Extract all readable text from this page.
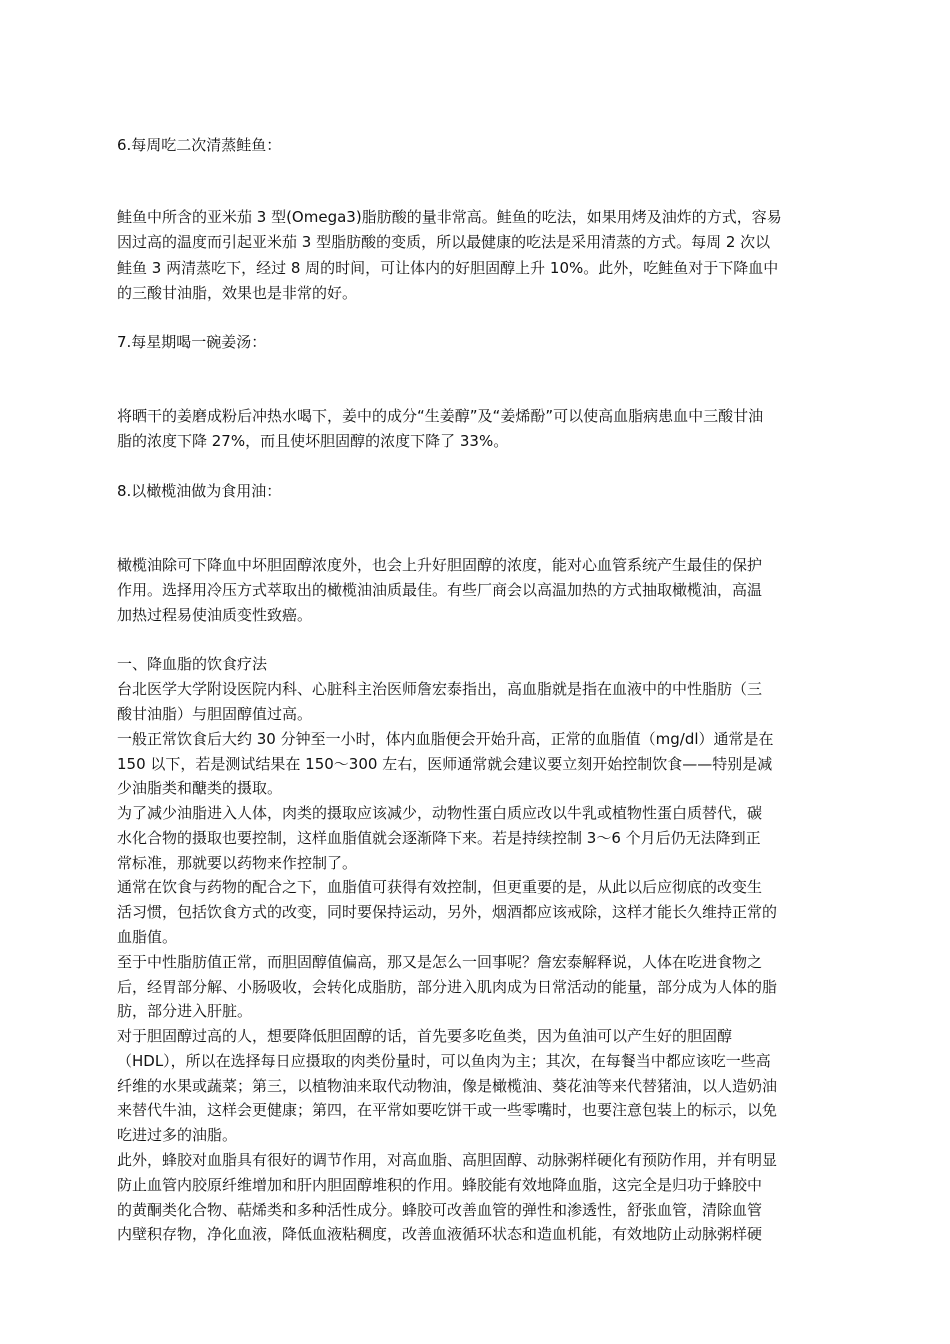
6.每周吃二次清蒸鲑鱼：
鲑鱼中所含的亚米茄 3 型(Omega3)脂肪酸的量非常高。鲑鱼的吃法，如果用烤及油炸的方式，容易
因过高的温度而引起亚米茄 3 型脂肪酸的变质，所以最健康的吃法是采用清蒸的方式。每周 2 次以
鲑鱼 3 两清蒸吃下，经过 8 周的时间，可让体内的好胆固醇上升 10%。此外，吃鲑鱼对于下降血中
的三酸甘油脂，效果也是非常的好。
7.每星期喝一碗姜汤：
将晒干的姜磨成粉后冲热水喝下，姜中的成分“生姜醇”及“姜烯酚”可以使高血脂病患血中三酸甘油
脂的浓度下降 27%，而且使坏胆固醇的浓度下降了 33%。
8.以橄榄油做为食用油：
橄榄油除可下降血中坏胆固醇浓度外，也会上升好胆固醇的浓度，能对心血管系统产生最佳的保护
作用。选择用冷压方式萃取出的橄榄油油质最佳。有些厂商会以高温加热的方式抽取橄榄油，高温
加热过程易使油质变性致癌。
一、降血脂的饮食疗法
台北医学大学附设医院内科、心脏科主治医师詹宏泰指出，高血脂就是指在血液中的中性脂肪（三
酸甘油脂）与胆固醇值过高。
一般正常饮食后大约 30 分钟至一小时，体内血脂便会开始升高，正常的血脂值（mg/dl）通常是在
150 以下，若是测试结果在 150～300 左右，医师通常就会建议要立刻开始控制饮食——特别是减
少油脂类和醣类的摄取。
为了减少油脂进入人体，肉类的摄取应该减少，动物性蛋白质应改以牛乳或植物性蛋白质替代，碳
水化合物的摄取也要控制，这样血脂值就会逐渐降下来。若是持续控制 3～6 个月后仍无法降到正
常标准，那就要以药物来作控制了。
通常在饮食与药物的配合之下，血脂值可获得有效控制，但更重要的是，从此以后应彻底的改变生
活习惯，包括饮食方式的改变，同时要保持运动，另外，烟酒都应该戒除，这样才能长久维持正常的
血脂值。
至于中性脂肪值正常，而胆固醇值偏高，那又是怎么一回事呢？詹宏泰解释说，人体在吃进食物之
后，经胃部分解、小肠吸收，会转化成脂肪，部分进入肌肉成为日常活动的能量，部分成为人体的脂
肪，部分进入肝脏。
对于胆固醇过高的人，想要降低胆固醇的话，首先要多吃鱼类，因为鱼油可以产生好的胆固醇
（HDL），所以在选择每日应摄取的肉类份量时，可以鱼肉为主；其次，在每餐当中都应该吃一些高
纤维的水果或蔬菜；第三，以植物油来取代动物油，像是橄榄油、葵花油等来代替猪油，以人造奶油
来替代牛油，这样会更健康；第四，在平常如要吃饼干或一些零嘴时，也要注意包装上的标示，以免
吃进过多的油脂。
此外，蜂胶对血脂具有很好的调节作用，对高血脂、高胆固醇、动脉粥样硬化有预防作用，并有明显
防止血管内胶原纤维增加和肝内胆固醇堆积的作用。蜂胶能有效地降血脂，这完全是归功于蜂胶中
的黄酮类化合物、萜烯类和多种活性成分。蜂胶可改善血管的弹性和渗透性，舒张血管，清除血管
内壁积存物，净化血液，降低血液粘稠度，改善血液循环状态和造血机能，有效地防止动脉粥样硬
